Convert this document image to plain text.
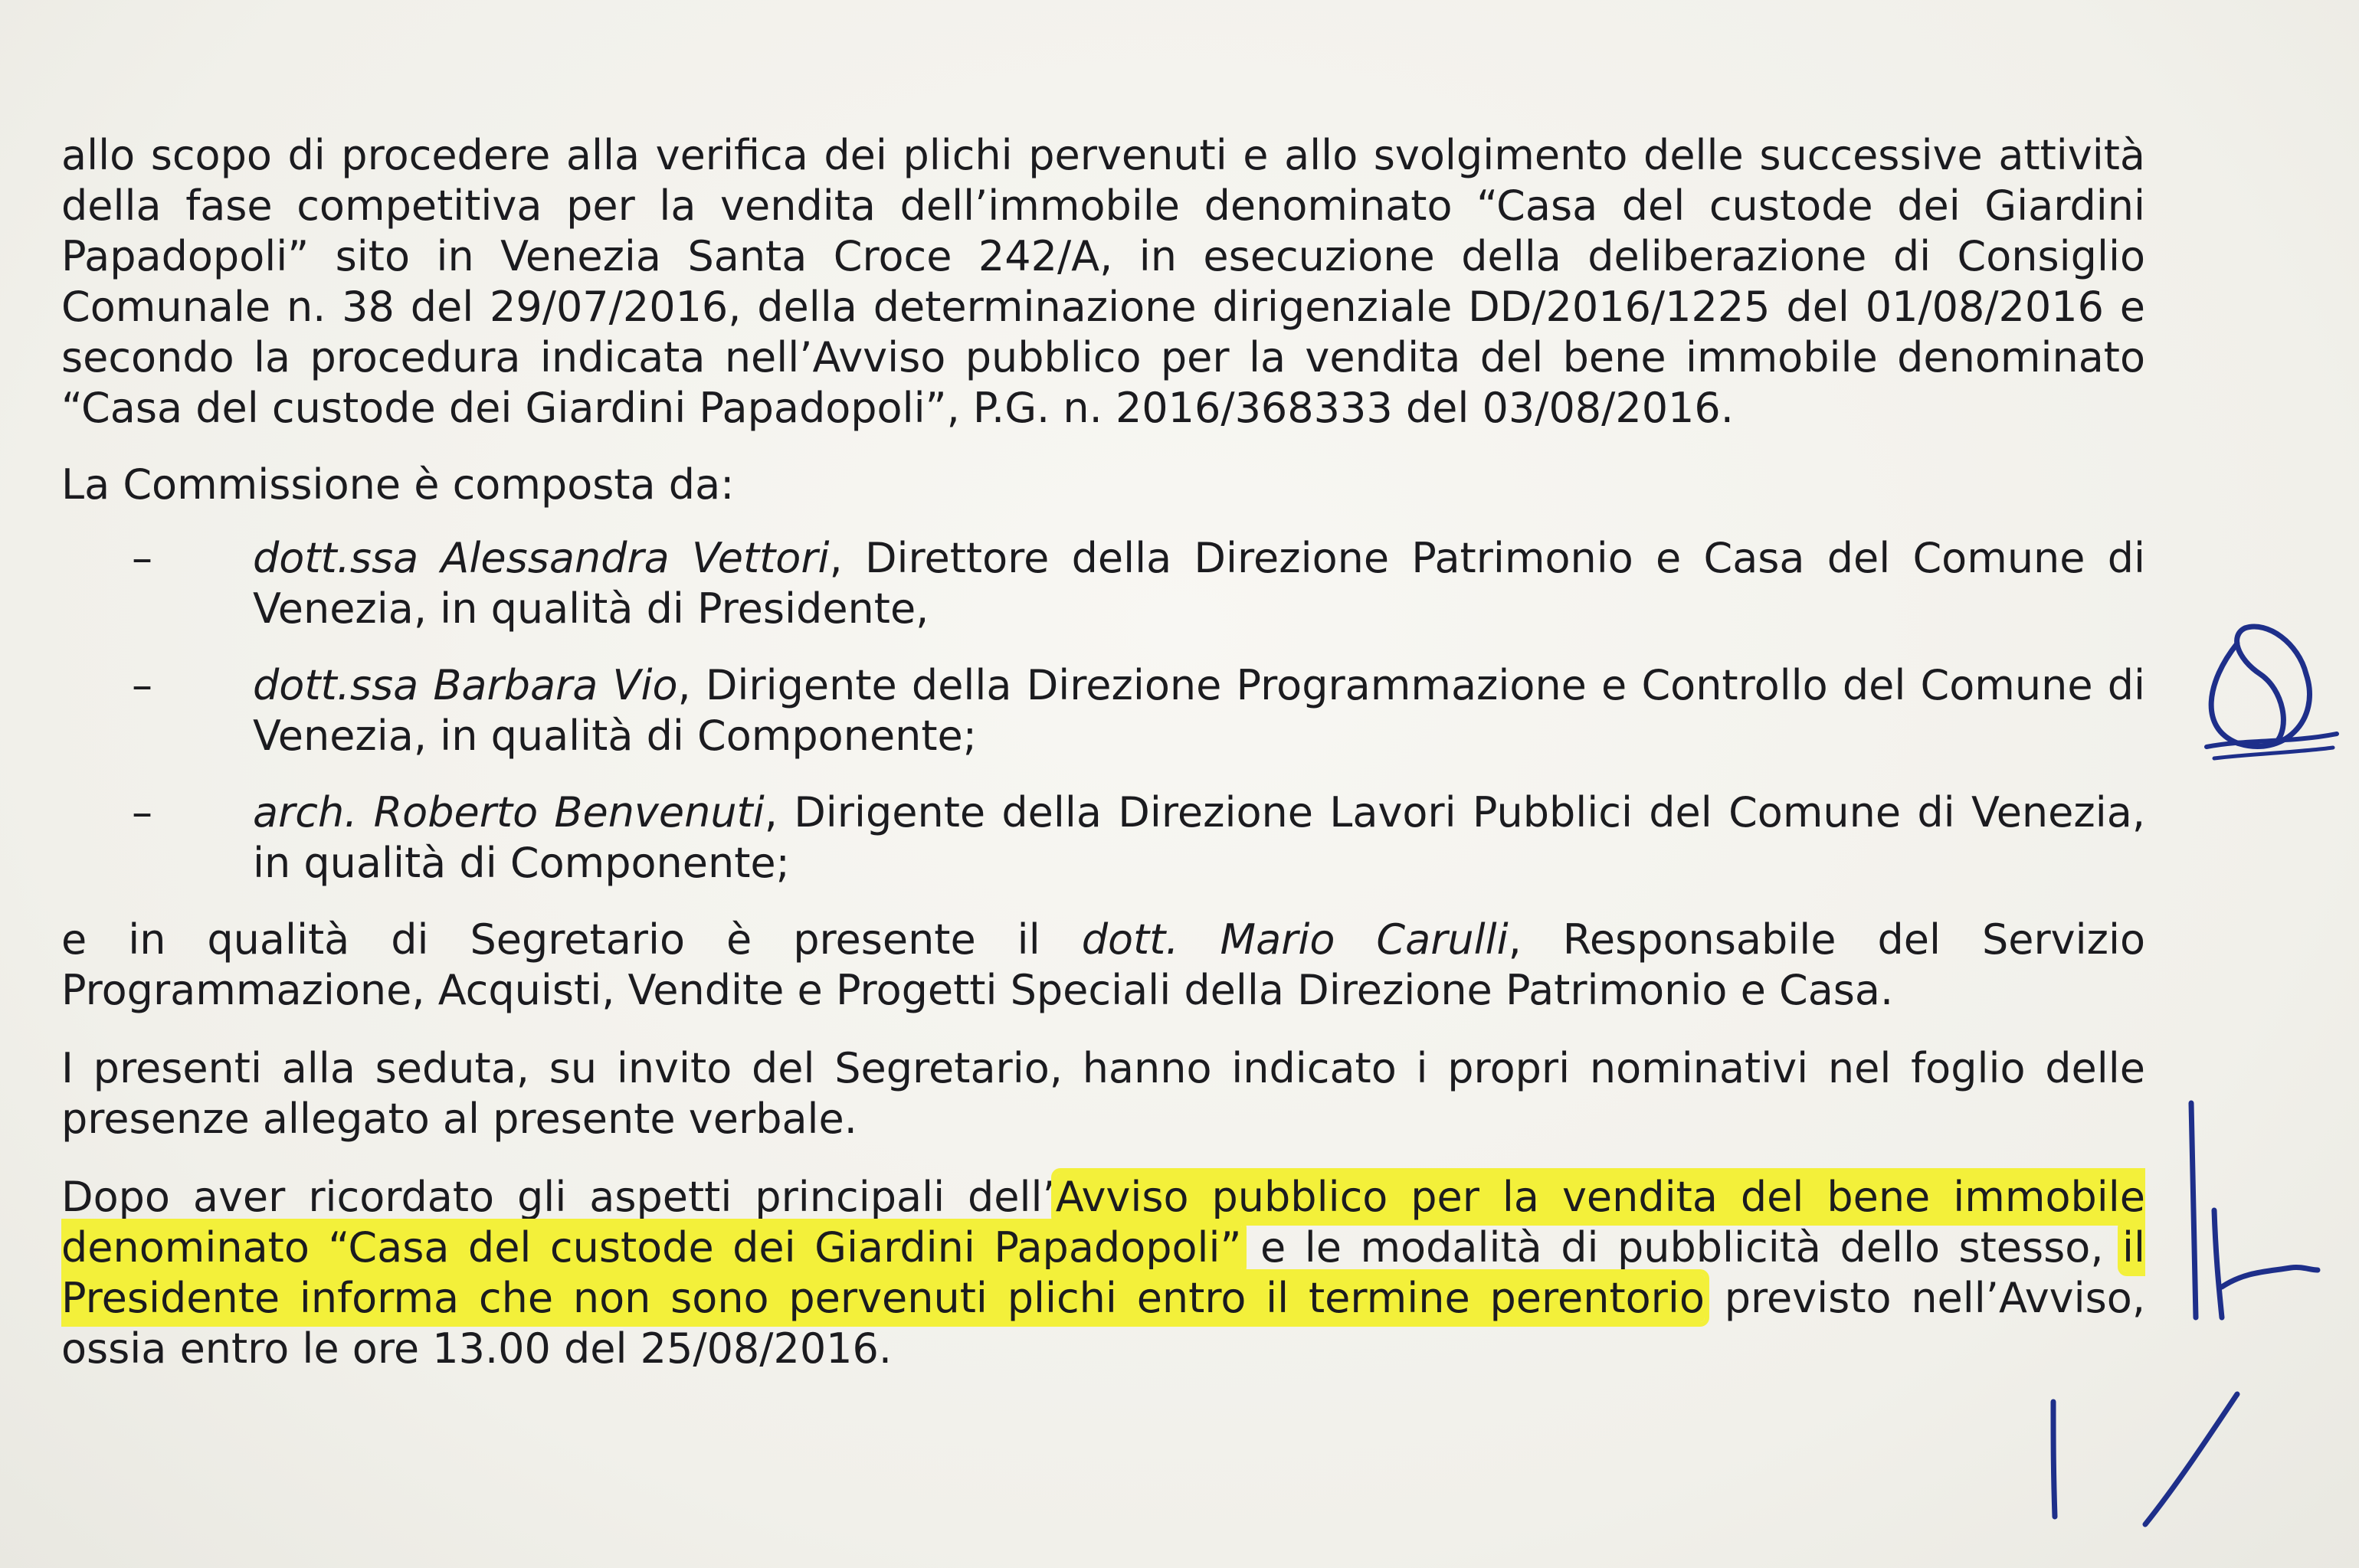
allo scopo di procedere alla verifica dei plichi pervenuti e allo svolgimento delle successive attività della fase competitiva per la vendita dell’immobile denominato “Casa del custode dei Giardini Papadopoli” sito in Venezia Santa Croce 242/A, in esecuzione della deliberazione di Consiglio Comunale n. 38 del 29/07/2016, della determinazione dirigenziale DD/2016/1225 del 01/08/2016 e secondo la procedura indicata nell’Avviso pubblico per la vendita del bene immobile denominato “Casa del custode dei Giardini Papadopoli”, P.G. n. 2016/368333 del 03/08/2016.

La Commissione è composta da:

– dott.ssa Alessandra Vettori, Direttore della Direzione Patrimonio e Casa del Comune di Venezia, in qualità di Presidente,
– dott.ssa Barbara Vio, Dirigente della Direzione Programmazione e Controllo del Comune di Venezia, in qualità di Componente;
– arch. Roberto Benvenuti, Dirigente della Direzione Lavori Pubblici del Comune di Venezia, in qualità di Componente;

e in qualità di Segretario è presente il dott. Mario Carulli, Responsabile del Servizio Programmazione, Acquisti, Vendite e Progetti Speciali della Direzione Patrimonio e Casa.

I presenti alla seduta, su invito del Segretario, hanno indicato i propri nominativi nel foglio delle presenze allegato al presente verbale.

Dopo aver ricordato gli aspetti principali dell’Avviso pubblico per la vendita del bene immobile denominato “Casa del custode dei Giardini Papadopoli” e le modalità di pubblicità dello stesso, il Presidente informa che non sono pervenuti plichi entro il termine perentorio previsto nell’Avviso, ossia entro le ore 13.00 del 25/08/2016.
